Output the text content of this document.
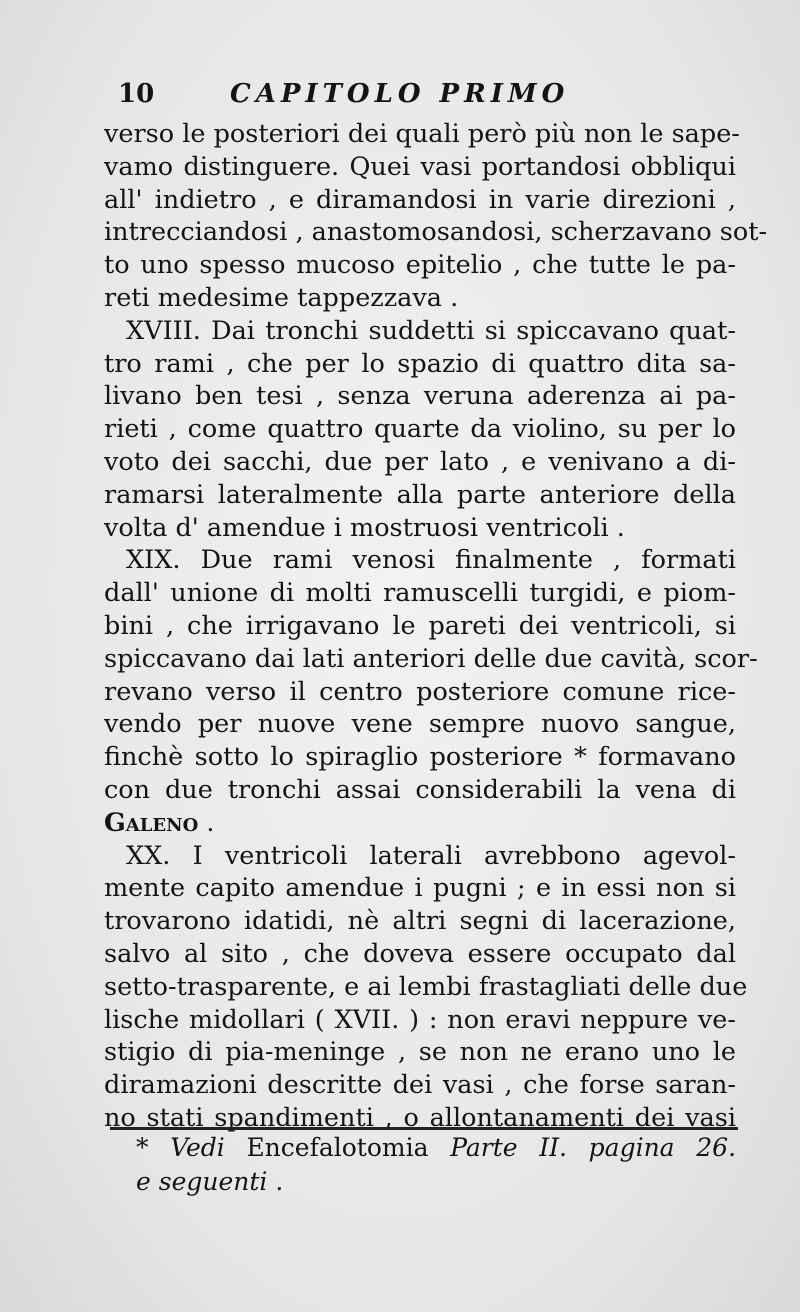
10	CAPITOLO PRIMO
verso le posteriori dei quali però più non le sape-
vamo distinguere. Quei vasi portandosi obbliqui
all' indietro , e diramandosi in varie direzioni ,
intrecciandosi , anastomosandosi, scherzavano sot-
to uno spesso mucoso epitelio , che tutte le pa-
reti medesime tappezzava .
XVIII. Dai tronchi suddetti si spiccavano quat-
tro rami , che per lo spazio di quattro dita sa-
livano ben tesi , senza veruna aderenza ai pa-
rieti , come quattro quarte da violino, su per lo
voto dei sacchi, due per lato , e venivano a di-
ramarsi lateralmente alla parte anteriore della
volta d' amendue i mostruosi ventricoli .
XIX. Due rami venosi finalmente , formati
dall' unione di molti ramuscelli turgidi, e piom-
bini , che irrigavano le pareti dei ventricoli, si
spiccavano dai lati anteriori delle due cavità, scor-
revano verso il centro posteriore comune rice-
vendo per nuove vene sempre nuovo sangue,
finchè sotto lo spiraglio posteriore * formavano
con due tronchi assai considerabili la vena di
Galeno .
XX. I ventricoli laterali avrebbono agevol-
mente capito amendue i pugni ; e in essi non si
trovarono idatidi, nè altri segni di lacerazione,
salvo al sito , che doveva essere occupato dal
setto-trasparente, e ai lembi frastagliati delle due
lische midollari ( XVII. ) : non eravi neppure ve-
stigio di pia-meninge , se non ne erano uno le
diramazioni descritte dei vasi , che forse saran-
no stati spandimenti , o allontanamenti dei vasi
* Vedi Encefalotomia Parte II. pagina 26.
e seguenti .
